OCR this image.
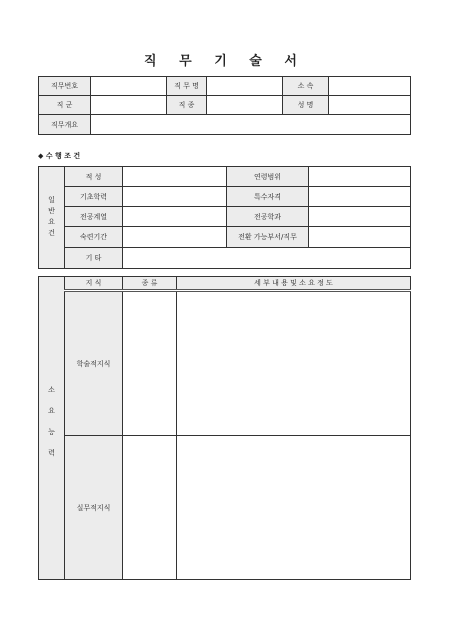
직 무 기 술 서
직무번호		직 무 명		소 속	
직 군		직 종		성 명	
직무개요					
◆ 수 행 조 건
일반요건	적 성		연령범위	
	기초학력		특수자격	
	전공계열		전공학과	
	숙련기간		전환 가능부서/직무	
	기 타			
소요능력	지 식	종 류	세 부 내 용 및 소 요 정 도
	학술적지식		
	실무적지식		
